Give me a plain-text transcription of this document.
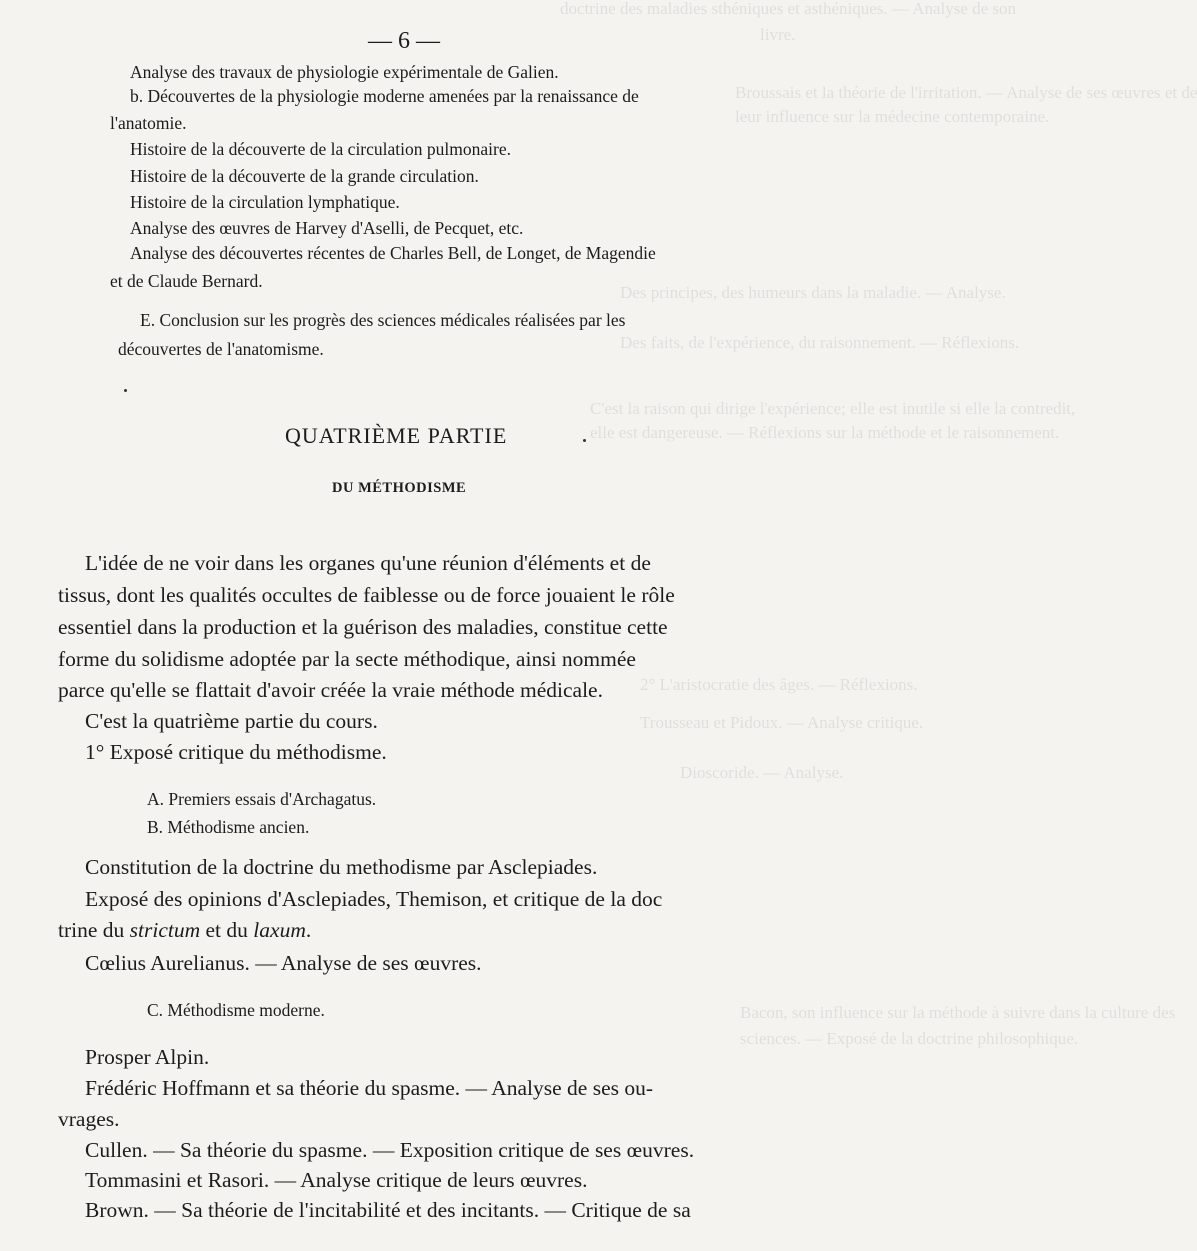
doctrine des maladies sthéniques et asthéniques. — Analyse de son
livre.
Broussais et la théorie de l'irritation. — Analyse de ses œuvres et de
leur influence sur la médecine contemporaine.
Des principes, des humeurs dans la maladie. — Analyse.
Des faits, de l'expérience, du raisonnement. — Réflexions.
C'est la raison qui dirige l'expérience; elle est inutile si elle la contredit,
elle est dangereuse. — Réflexions sur la méthode et le raisonnement.
2° L'aristocratie des âges. — Réflexions.
Trousseau et Pidoux. — Analyse critique.
Dioscoride. — Analyse.
Bacon, son influence sur la méthode à suivre dans la culture des
sciences. — Exposé de la doctrine philosophique.
— 6 —
Analyse des travaux de physiologie expérimentale de Galien.
b. Découvertes de la physiologie moderne amenées par la renaissance de
l'anatomie.
Histoire de la découverte de la circulation pulmonaire.
Histoire de la découverte de la grande circulation.
Histoire de la circulation lymphatique.
Analyse des œuvres de Harvey d'Aselli, de Pecquet, etc.
Analyse des découvertes récentes de Charles Bell, de Longet, de Magendie
et de Claude Bernard.
E. Conclusion sur les progrès des sciences médicales réalisées par les
découvertes de l'anatomisme.
QUATRIÈME PARTIE
DU MÉTHODISME
L'idée de ne voir dans les organes qu'une réunion d'éléments et de
tissus, dont les qualités occultes de faiblesse ou de force jouaient le rôle
essentiel dans la production et la guérison des maladies, constitue cette
forme du solidisme adoptée par la secte méthodique, ainsi nommée
parce qu'elle se flattait d'avoir créée la vraie méthode médicale.
C'est la quatrième partie du cours.
1° Exposé critique du méthodisme.
A. Premiers essais d'Archagatus.
B. Méthodisme ancien.
Constitution de la doctrine du methodisme par Asclepiades.
Exposé des opinions d'Asclepiades, Themison, et critique de la doc
trine du strictum et du laxum.
Cœlius Aurelianus. — Analyse de ses œuvres.
C. Méthodisme moderne.
Prosper Alpin.
Frédéric Hoffmann et sa théorie du spasme. — Analyse de ses ou-
vrages.
Cullen. — Sa théorie du spasme. — Exposition critique de ses œuvres.
Tommasini et Rasori. — Analyse critique de leurs œuvres.
Brown. — Sa théorie de l'incitabilité et des incitants. — Critique de sa
